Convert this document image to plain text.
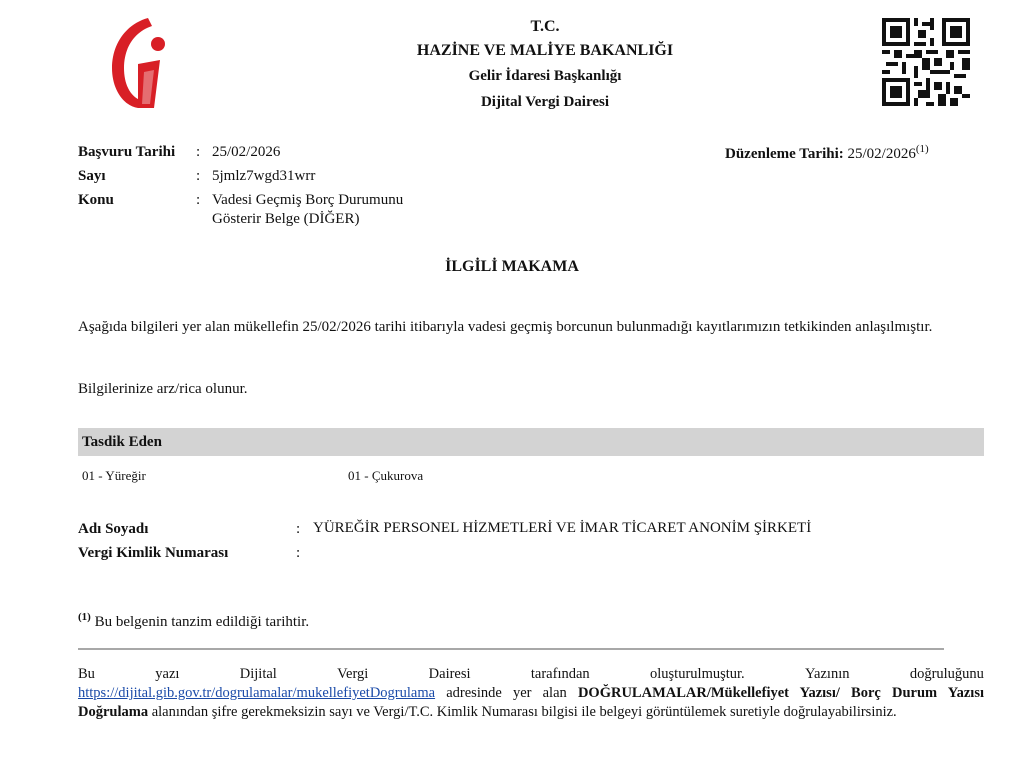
T.C.
HAZİNE VE MALİYE BAKANLIĞI
Gelir İdaresi Başkanlığı
Dijital Vergi Dairesi
Başvuru Tarihi : 25/02/2026
Sayı	: 5jmlz7wgd31wrr
Konu	: Vadesi Geçmiş Borç Durumunu
Gösterir Belge (DİĞER)
Düzenleme Tarihi: 25/02/2026$^{(1)}$
İLGİLİ MAKAMA
Aşağıda bilgileri yer alan mükellefin 25/02/2026 tarihi itibarıyla vadesi geçmiş borcunun bulunmadığı kayıtlarımızın tetkikinden anlaşılmıştır.
Bilgilerinize arz/rica olunur.
Tasdik Eden
01 - Yüreğir	01 - Çukurova
Adı Soyadı	: YÜREĞİR PERSONEL HİZMETLERİ VE İMAR TİCARET ANONİM ŞİRKETİ
Vergi Kimlik Numarası	:
$^{(1)}$ Bu belgenin tanzim edildiği tarihtir.
Bu	yazı	Dijital	Vergi	Dairesi	tarafından	oluşturulmuştur.	Yazının	doğruluğunu
https://dijital.gib.gov.tr/dogrulamalar/mukellefiyetDogrulama adresinde yer alan DOĞRULAMALAR/Mükellefiyet Yazısı/ Borç Durum Yazısı Doğrulama alanından şifre gerekmeksizin sayı ve Vergi/T.C. Kimlik Numarası bilgisi ile belgeyi görüntülemek suretiyle doğrulayabilirsiniz.
